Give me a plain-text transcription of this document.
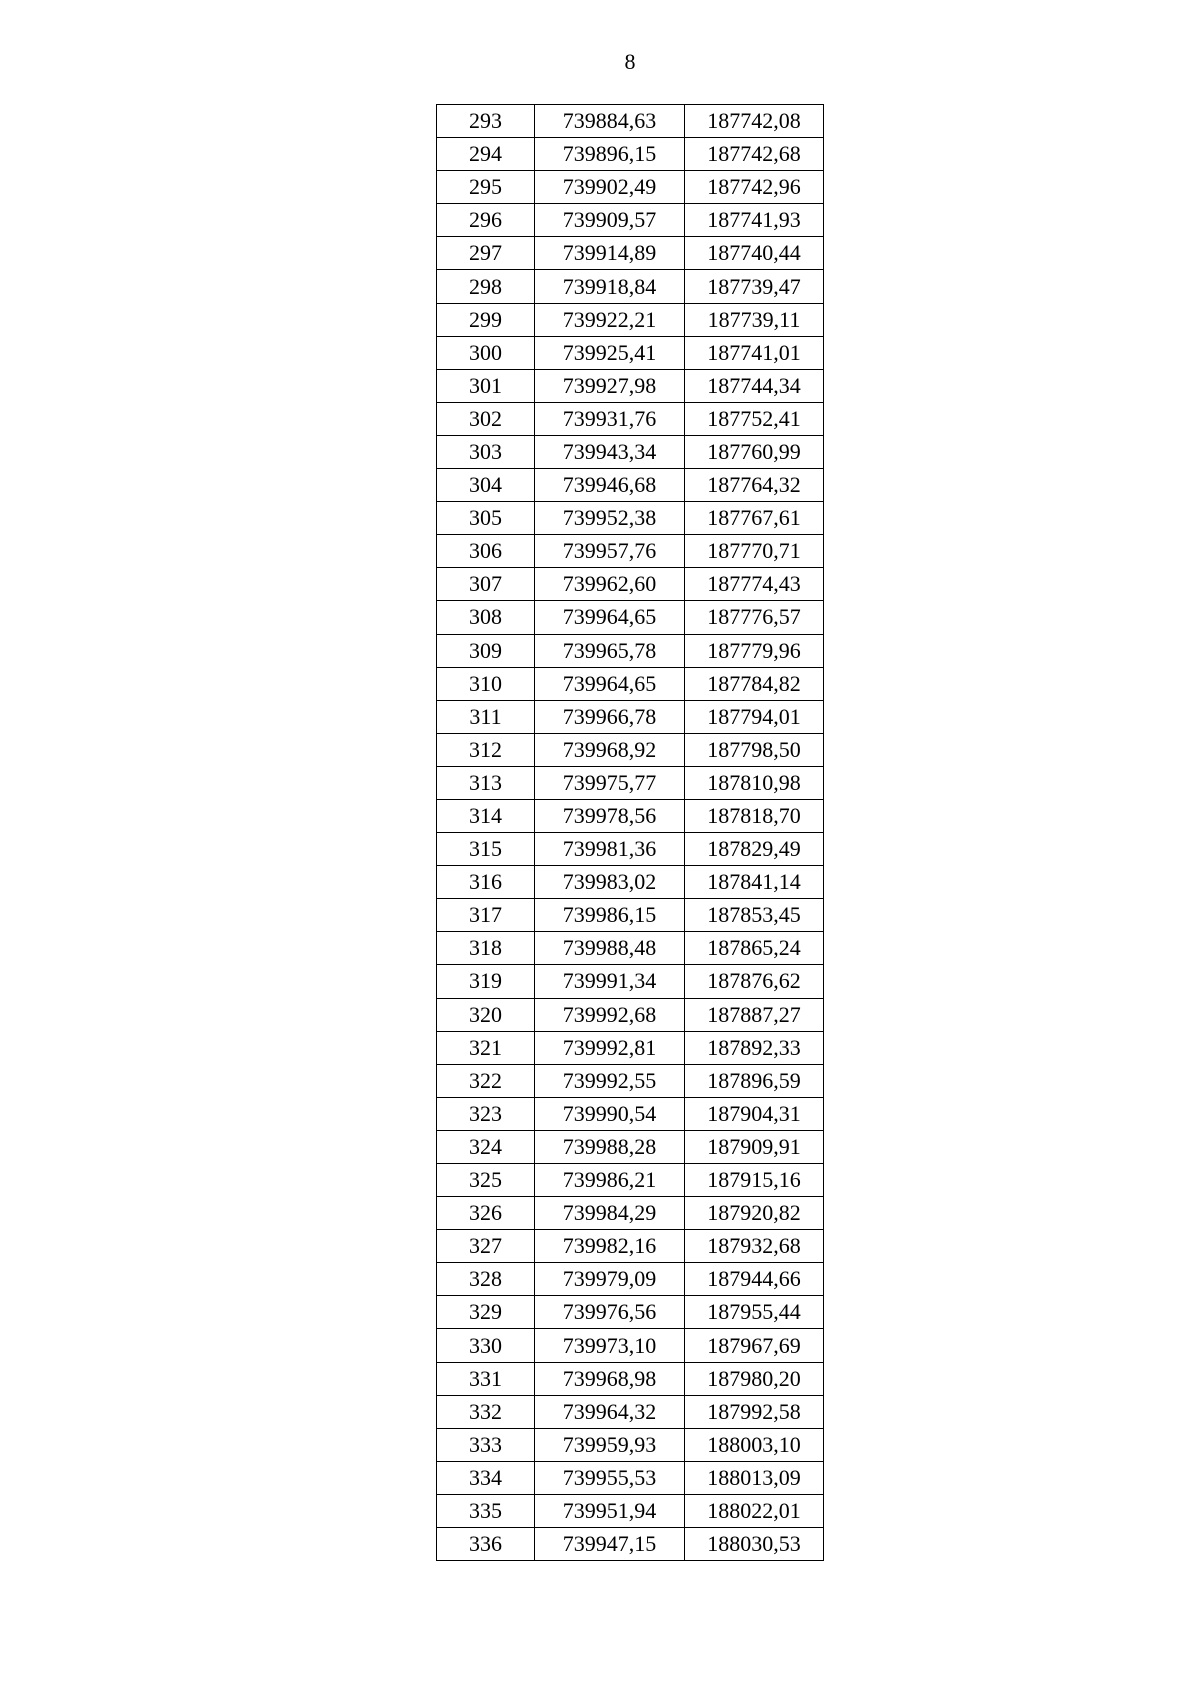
8
293	739884,63	187742,08
294	739896,15	187742,68
295	739902,49	187742,96
296	739909,57	187741,93
297	739914,89	187740,44
298	739918,84	187739,47
299	739922,21	187739,11
300	739925,41	187741,01
301	739927,98	187744,34
302	739931,76	187752,41
303	739943,34	187760,99
304	739946,68	187764,32
305	739952,38	187767,61
306	739957,76	187770,71
307	739962,60	187774,43
308	739964,65	187776,57
309	739965,78	187779,96
310	739964,65	187784,82
311	739966,78	187794,01
312	739968,92	187798,50
313	739975,77	187810,98
314	739978,56	187818,70
315	739981,36	187829,49
316	739983,02	187841,14
317	739986,15	187853,45
318	739988,48	187865,24
319	739991,34	187876,62
320	739992,68	187887,27
321	739992,81	187892,33
322	739992,55	187896,59
323	739990,54	187904,31
324	739988,28	187909,91
325	739986,21	187915,16
326	739984,29	187920,82
327	739982,16	187932,68
328	739979,09	187944,66
329	739976,56	187955,44
330	739973,10	187967,69
331	739968,98	187980,20
332	739964,32	187992,58
333	739959,93	188003,10
334	739955,53	188013,09
335	739951,94	188022,01
336	739947,15	188030,53
